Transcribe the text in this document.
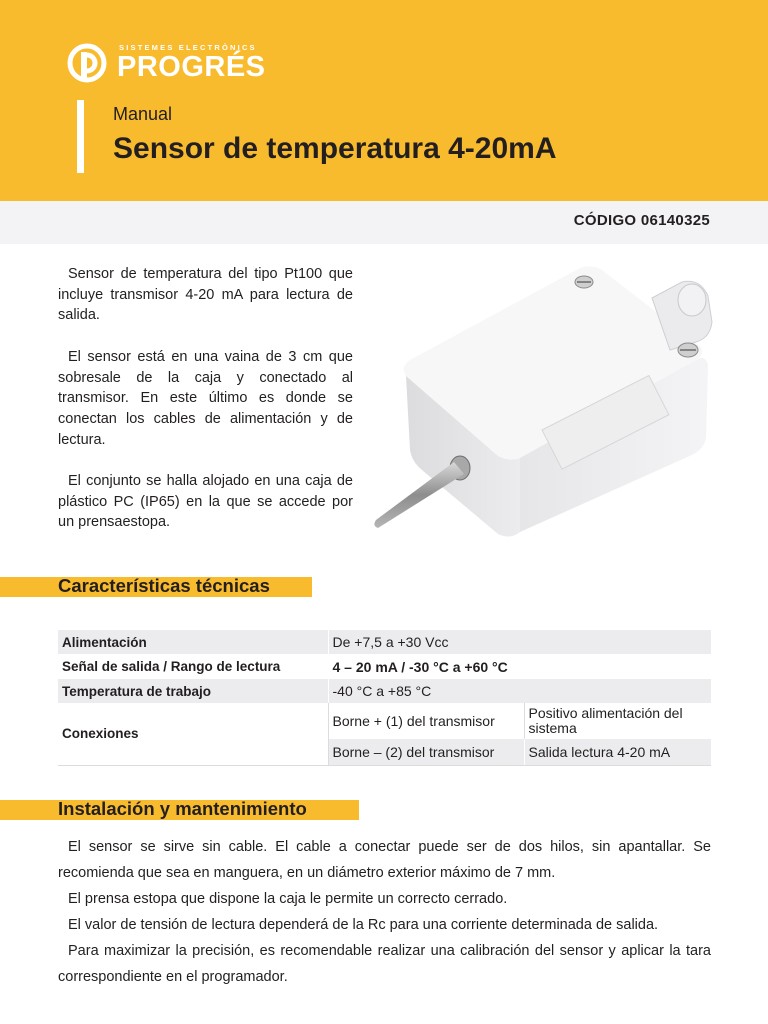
SISTEMES ELECTRÒNICS
PROGRÉS
Manual
Sensor de temperatura 4-20mA
CÓDIGO 06140325

Sensor de temperatura del tipo Pt100 que incluye transmisor 4-20 mA para lectura de salida.

El sensor está en una vaina de 3 cm que sobresale de la caja y conectado al transmisor. En este último es donde se conectan los cables de alimentación y de lectura.

El conjunto se halla alojado en una caja de plástico PC (IP65) en la que se accede por un prensaestopa.

Características técnicas
Alimentación	De +7,5 a +30 Vcc	
Señal de salida / Rango de lectura	4 – 20 mA / -30 °C a +60 °C	
Temperatura de trabajo	-40 °C a +85 °C	
Conexiones	Borne + (1) del transmisor	Positivo alimentación del sistema
	Borne – (2) del transmisor	Salida lectura 4-20 mA
Instalación y mantenimiento

El sensor se sirve sin cable. El cable a conectar puede ser de dos hilos, sin apantallar. Se recomienda que sea en manguera, en un diámetro exterior máximo de 7 mm.

El prensa estopa que dispone la caja le permite un correcto cerrado.

El valor de tensión de lectura dependerá de la Rc para una corriente determinada de salida.

Para maximizar la precisión, es recomendable realizar una calibración del sensor y aplicar la tara correspondiente en el programador.
